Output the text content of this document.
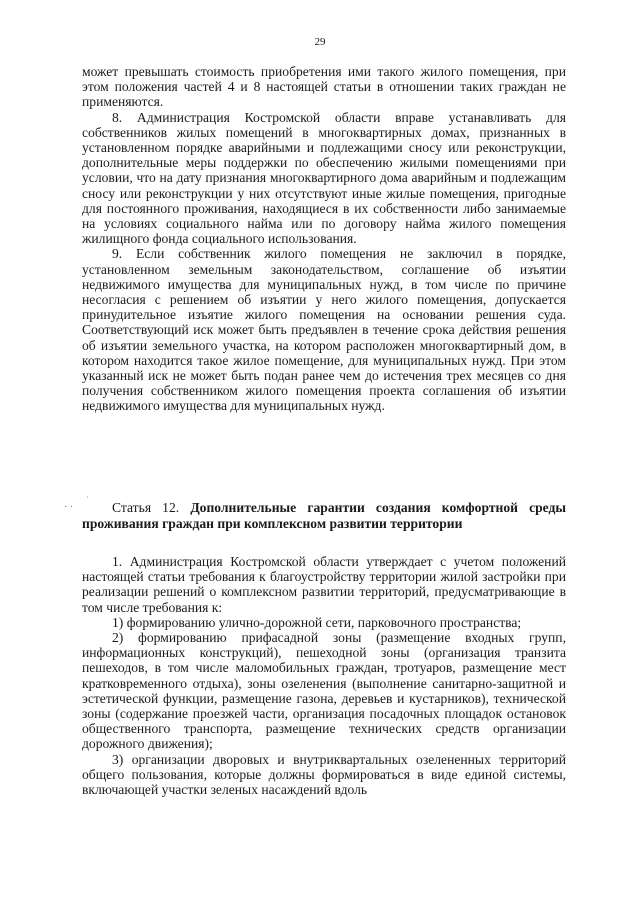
29

может превышать стоимость приобретения ими такого жилого помещения, при этом положения частей 4 и 8 настоящей статьи в отношении таких граждан не применяются.

8. Администрация Костромской области вправе устанавливать для собственников жилых помещений в многоквартирных домах, признанных в установленном порядке аварийными и подлежащими сносу или реконструкции, дополнительные меры поддержки по обеспечению жилыми помещениями при условии, что на дату признания многоквартирного дома аварийным и подлежащим сносу или реконструкции у них отсутствуют иные жилые помещения, пригодные для постоянного проживания, находящиеся в их собственности либо занимаемые на условиях социального найма или по договору найма жилого помещения жилищного фонда социального использования.

9. Если собственник жилого помещения не заключил в порядке, установленном земельным законодательством, соглашение об изъятии недвижимого имущества для муниципальных нужд, в том числе по причине несогласия с решением об изъятии у него жилого помещения, допускается принудительное изъятие жилого помещения на основании решения суда. Соответствующий иск может быть предъявлен в течение срока действия решения об изъятии земельного участка, на котором расположен многоквартирный дом, в котором находится такое жилое помещение, для муниципальных нужд. При этом указанный иск не может быть подан ранее чем до истечения трех месяцев со дня получения собственником жилого помещения проекта соглашения об изъятии недвижимого имущества для муниципальных нужд.

· ·
·

Статья 12. Дополнительные гарантии создания комфортной среды проживания граждан при комплексном развитии территории

1. Администрация Костромской области утверждает с учетом положений настоящей статьи требования к благоустройству территории жилой застройки при реализации решений о комплексном развитии территорий, предусматривающие в том числе требования к:

1) формированию улично-дорожной сети, парковочного пространства;

2) формированию прифасадной зоны (размещение входных групп, информационных конструкций), пешеходной зоны (организация транзита пешеходов, в том числе маломобильных граждан, тротуаров, размещение мест кратковременного отдыха), зоны озеленения (выполнение санитарно-защитной и эстетической функции, размещение газона, деревьев и кустарников), технической зоны (содержание проезжей части, организация посадочных площадок остановок общественного транспорта, размещение технических средств организации дорожного движения);

3) организации дворовых и внутриквартальных озелененных территорий общего пользования, которые должны формироваться в виде единой системы, включающей участки зеленых насаждений вдоль
